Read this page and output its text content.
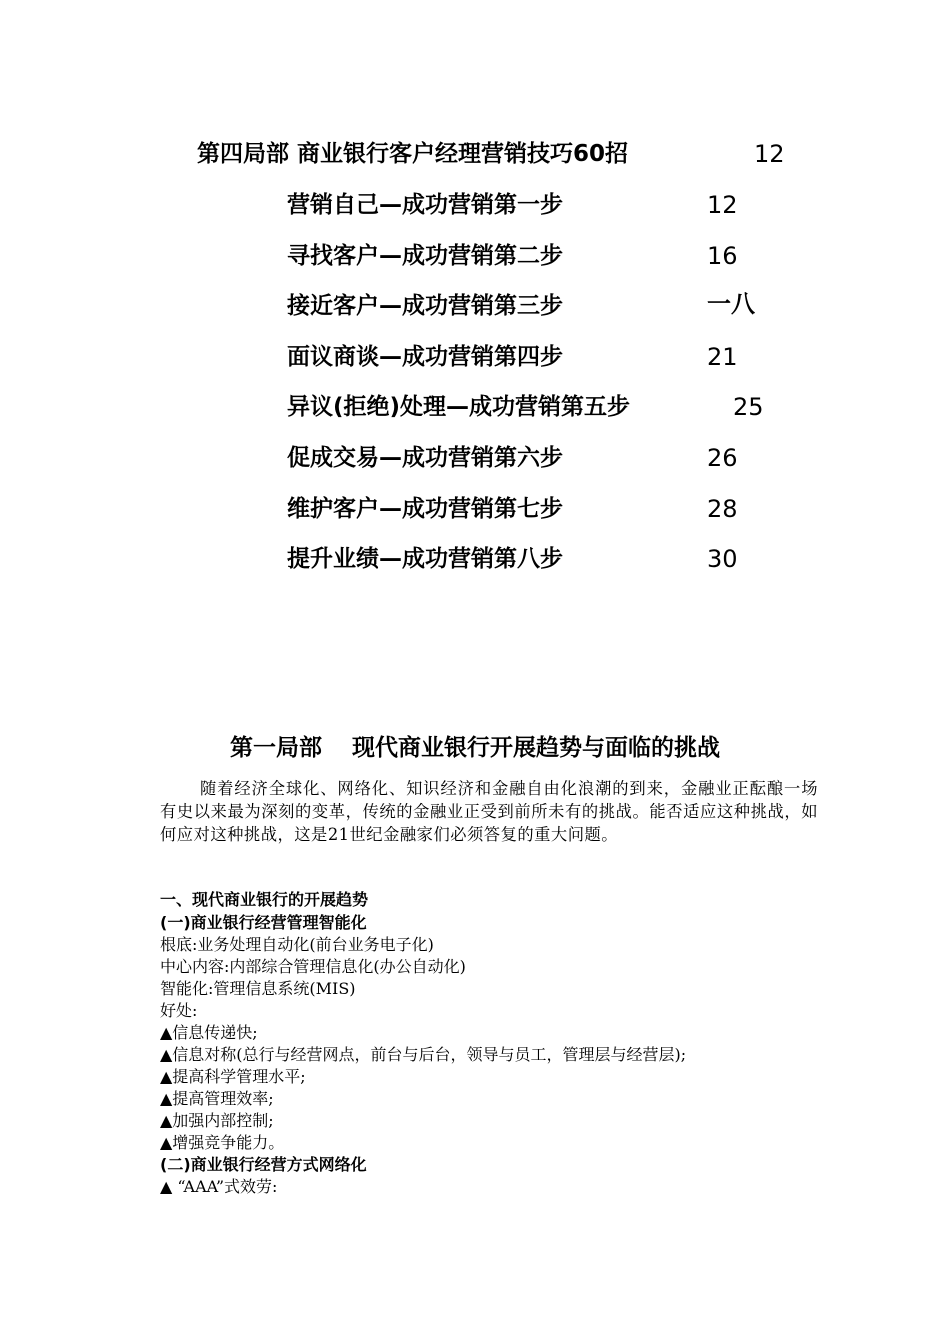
第四局部 商业银行客户经理营销技巧60招	12
营销自己—成功营销第一步	12
寻找客户—成功营销第二步	16
接近客户—成功营销第三步	一八
面议商谈—成功营销第四步	21
异议(拒绝)处理—成功营销第五步	25
促成交易—成功营销第六步	26
维护客户—成功营销第七步	28
提升业绩—成功营销第八步	30
第一局部 现代商业银行开展趋势与面临的挑战
随着经济全球化、网络化、知识经济和金融自由化浪潮的到来，金融业正酝酿一场有史以来最为深刻的变革，传统的金融业正受到前所未有的挑战。能否适应这种挑战，如何应对这种挑战，这是21世纪金融家们必须答复的重大问题。
一、现代商业银行的开展趋势
(一)商业银行经营管理智能化
根底:业务处理自动化(前台业务电子化)
中心内容:内部综合管理信息化(办公自动化)
智能化:管理信息系统(MIS)
好处:
▲信息传递快;
▲信息对称(总行与经营网点，前台与后台，领导与员工，管理层与经营层);
▲提高科学管理水平;
▲提高管理效率;
▲加强内部控制;
▲增强竞争能力。
(二)商业银行经营方式网络化
▲ “AAA”式效劳:
